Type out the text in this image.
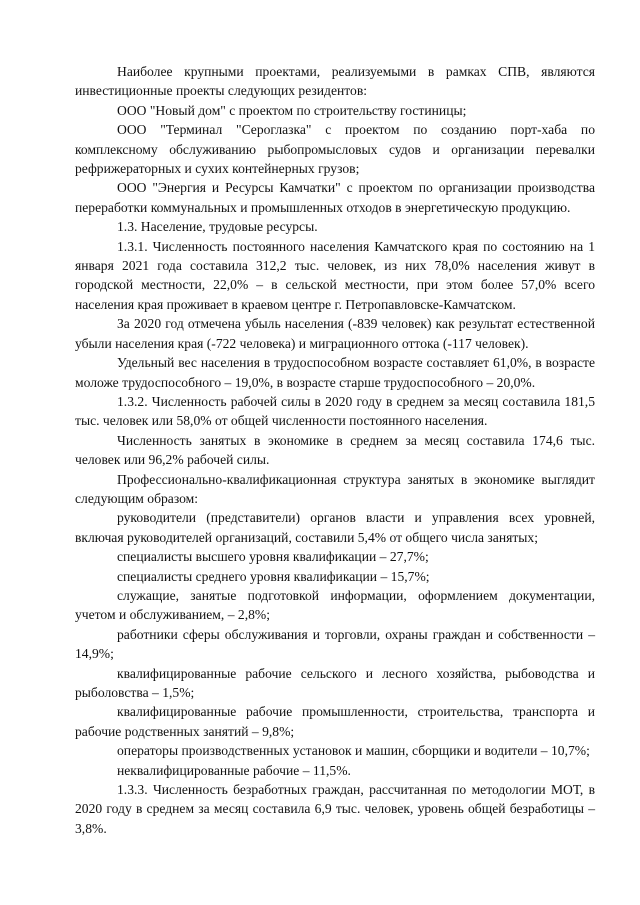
Наиболее крупными проектами, реализуемыми в рамках СПВ, являются инвестиционные проекты следующих резидентов:

ООО "Новый дом" с проектом по строительству гостиницы;

ООО "Терминал "Сероглазка" с проектом по созданию порт-хаба по комплексному обслуживанию рыбопромысловых судов и организации перевалки рефрижераторных и сухих контейнерных грузов;

ООО "Энергия и Ресурсы Камчатки" с проектом по организации производства переработки коммунальных и промышленных отходов в энергетическую продукцию.

1.3. Население, трудовые ресурсы.

1.3.1. Численность постоянного населения Камчатского края по состоянию на 1 января 2021 года составила 312,2 тыс. человек, из них 78,0% населения живут в городской местности, 22,0% – в сельской местности, при этом более 57,0% всего населения края проживает в краевом центре г. Петропавловске-Камчатском.

За 2020 год отмечена убыль населения (-839 человек) как результат естественной убыли населения края (-722 человека) и миграционного оттока (-117 человек).

Удельный вес населения в трудоспособном возрасте составляет 61,0%, в возрасте моложе трудоспособного – 19,0%, в возрасте старше трудоспособного – 20,0%.

1.3.2. Численность рабочей силы в 2020 году в среднем за месяц составила 181,5 тыс. человек или 58,0% от общей численности постоянного населения.

Численность занятых в экономике в среднем за месяц составила 174,6 тыс. человек или 96,2% рабочей силы.

Профессионально-квалификационная структура занятых в экономике выглядит следующим образом:

руководители (представители) органов власти и управления всех уровней, включая руководителей организаций, составили 5,4% от общего числа занятых;

специалисты высшего уровня квалификации – 27,7%;

специалисты среднего уровня квалификации – 15,7%;

служащие, занятые подготовкой информации, оформлением документации, учетом и обслуживанием, – 2,8%;

работники сферы обслуживания и торговли, охраны граждан и собственности – 14,9%;

квалифицированные рабочие сельского и лесного хозяйства, рыбоводства и рыболовства – 1,5%;

квалифицированные рабочие промышленности, строительства, транспорта и рабочие родственных занятий – 9,8%;

операторы производственных установок и машин, сборщики и водители – 10,7%;

неквалифицированные рабочие – 11,5%.

1.3.3. Численность безработных граждан, рассчитанная по методологии МОТ, в 2020 году в среднем за месяц составила 6,9 тыс. человек, уровень общей безработицы – 3,8%.
